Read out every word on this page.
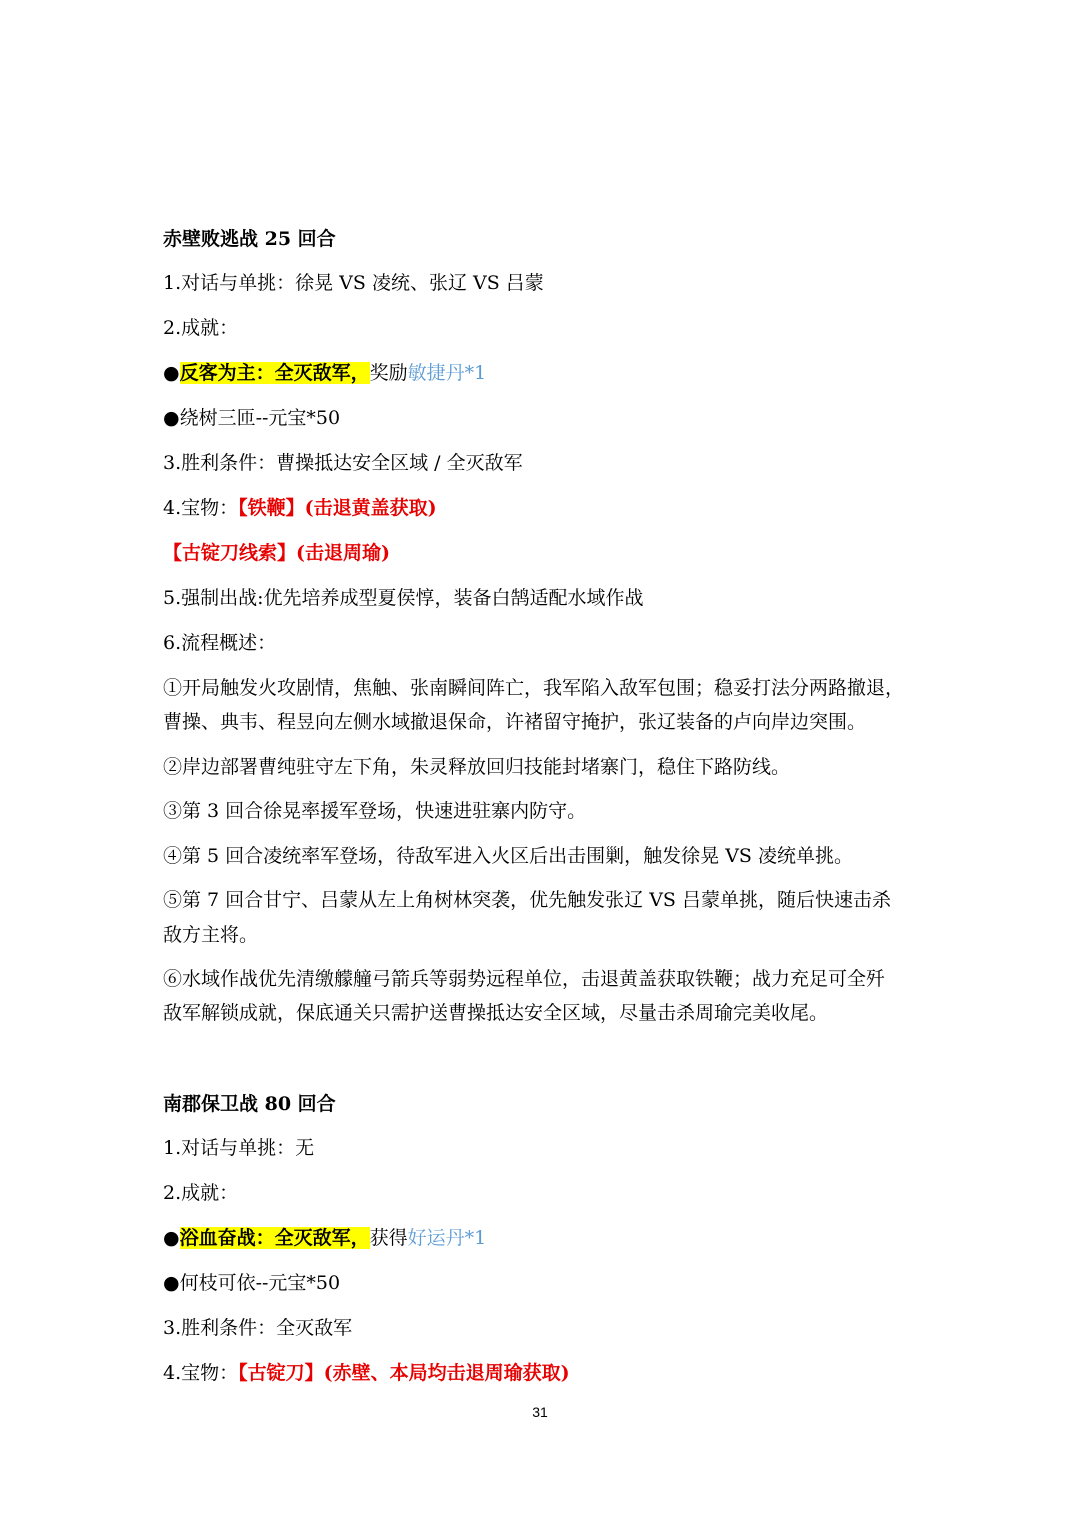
赤壁败逃战 25 回合
1.对话与单挑：徐晃 VS 凌统、张辽 VS 吕蒙
2.成就：
●反客为主：全灭敌军，奖励敏捷丹*1
●绕树三匝--元宝*50
3.胜利条件：曹操抵达安全区域 / 全灭敌军
4.宝物：【铁鞭】(击退黄盖获取)
【古锭刀线索】(击退周瑜)
5.强制出战:优先培养成型夏侯惇，装备白鹄适配水域作战
6.流程概述：
①开局触发火攻剧情，焦触、张南瞬间阵亡，我军陷入敌军包围；稳妥打法分两路撤退，
曹操、典韦、程昱向左侧水域撤退保命，许褚留守掩护，张辽装备的卢向岸边突围。
②岸边部署曹纯驻守左下角，朱灵释放回归技能封堵寨门，稳住下路防线。
③第 3 回合徐晃率援军登场，快速进驻寨内防守。
④第 5 回合凌统率军登场，待敌军进入火区后出击围剿，触发徐晃 VS 凌统单挑。
⑤第 7 回合甘宁、吕蒙从左上角树林突袭，优先触发张辽 VS 吕蒙单挑，随后快速击杀
敌方主将。
⑥水域作战优先清缴艨艟弓箭兵等弱势远程单位，击退黄盖获取铁鞭；战力充足可全歼
敌军解锁成就，保底通关只需护送曹操抵达安全区域，尽量击杀周瑜完美收尾。
南郡保卫战 80 回合
1.对话与单挑：无
2.成就：
●浴血奋战：全灭敌军，获得好运丹*1
●何枝可依--元宝*50
3.胜利条件：全灭敌军
4.宝物：【古锭刀】(赤壁、本局均击退周瑜获取)
31
